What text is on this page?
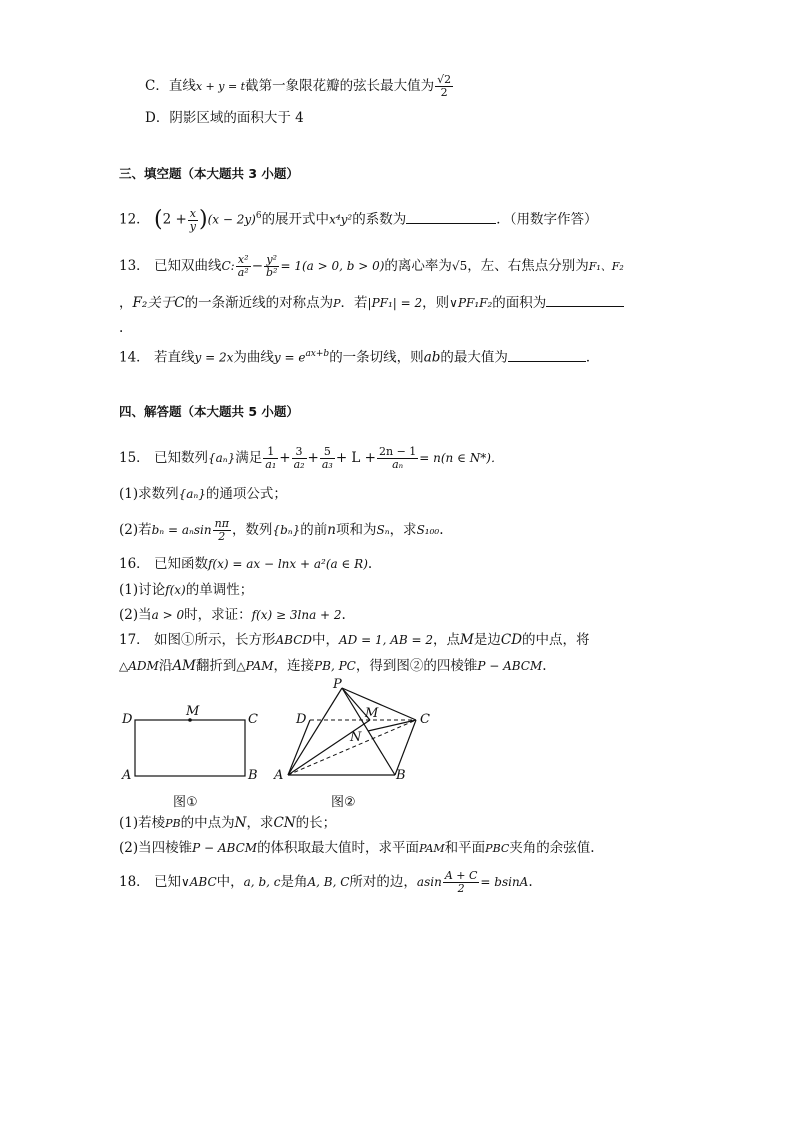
C．直线x + y = t截第一象限花瓣的弦长最大值为 $\frac{√2}{2}$
D．阴影区域的面积大于 4
三、填空题（本大题共 3 小题）
12． $(2 + \frac{x}{y} )(x - 2y)^6$的展开式中x⁴y²的系数为	．（用数字作答）
13． 已知双曲线C: $\frac{\text{x²}}{\text{a²}} - \frac{\text{y²}}{\text{b²}} = 1(a > 0$, b > 0)的离心率为√5，左、右焦点分别为F₁、F₂
，F₂关于C的一条渐近线的对称点为P．若|PF₁| = 2，则∨PF₁F₂的面积为
.
14． 若直线y = 2x为曲线$y = e^{ax+b}$的一条切线，则ab的最大值为	．
四、解答题（本大题共 5 小题）
15． 已知数列{aₙ}满足 $\frac{1}{\text{a₁}} + \frac{3}{\text{a₂}} + \frac{5}{\text{a₃}} + L + \frac{2n - 1}{\text{aₙ}} = n(n$ ∈ N*)．
(1)求数列{aₙ}的通项公式；
(2)若bₙ = aₙsin $\frac{n\pi}{2}$ ，数列{bₙ}的前n项和为Sₙ，求S₁₀₀.
16． 已知函数f(x) = ax − lnx + a²(a ∈ R).
(1)讨论f(x)的单调性；
(2)当a > 0时，求证：f(x) ≥ 3lna + 2.
17． 如图①所示，长方形ABCD中，AD = 1, AB = 2，点M是边CD的中点，将
△ADM沿AM翻折到△PAM，连接PB, PC，得到图②的四棱锥P − ABCM.
D
M
C
A	B
图①
P
D	M	C
N
A	B
图②
(1)若棱PB的中点为N，求CN的长；
(2)当四棱锥P − ABCM的体积取最大值时，求平面PAM和平面PBC夹角的余弦值.
18． 已知∨ABC中，a, b, c是角A, B, C所对的边，asin $\frac{A + C}{2} = bsinA$.
